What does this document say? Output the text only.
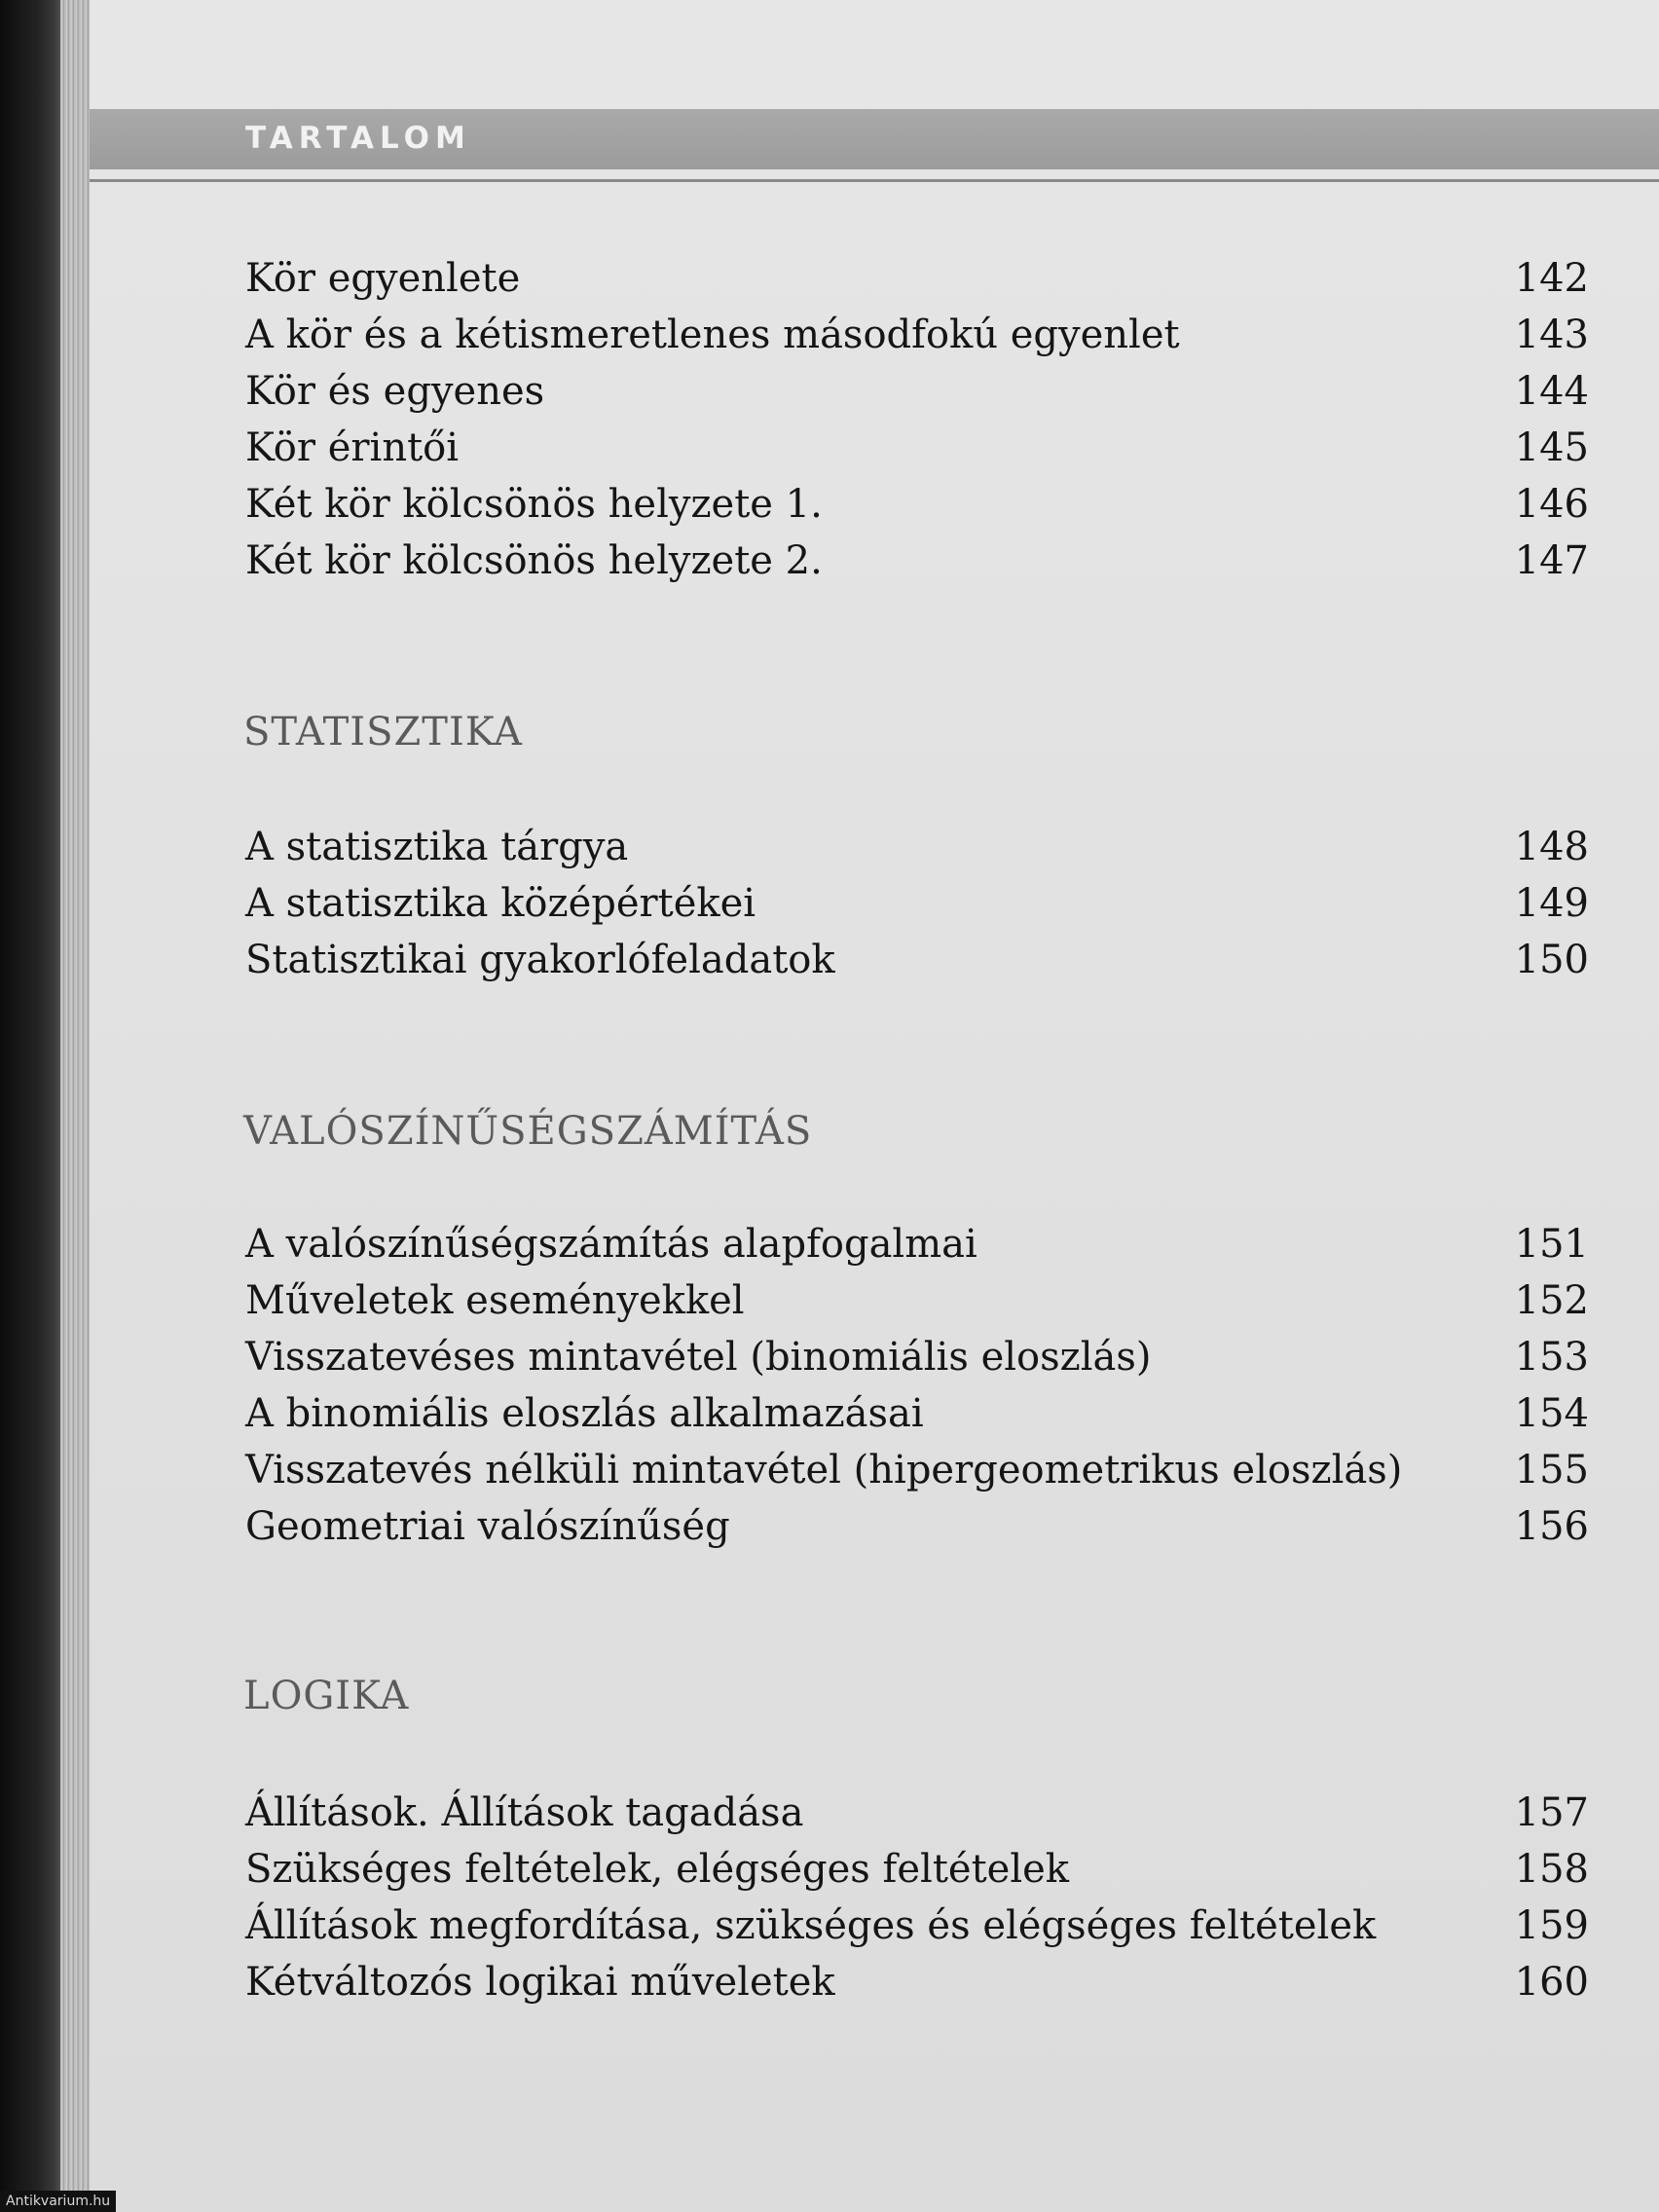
TARTALOM
Kör egyenlete	142
A kör és a kétismeretlenes másodfokú egyenlet	143
Kör és egyenes	144
Kör érintői	145
Két kör kölcsönös helyzete 1.	146
Két kör kölcsönös helyzete 2.	147
STATISZTIKA
A statisztika tárgya	148
A statisztika középértékei	149
Statisztikai gyakorlófeladatok	150
VALÓSZÍNŰSÉGSZÁMÍTÁS
A valószínűségszámítás alapfogalmai	151
Műveletek eseményekkel	152
Visszatevéses mintavétel (binomiális eloszlás)	153
A binomiális eloszlás alkalmazásai	154
Visszatevés nélküli mintavétel (hipergeometrikus eloszlás)	155
Geometriai valószínűség	156
LOGIKA
Állítások. Állítások tagadása	157
Szükséges feltételek, elégséges feltételek	158
Állítások megfordítása, szükséges és elégséges feltételek	159
Kétváltozós logikai műveletek	160
Antikvarium.hu
